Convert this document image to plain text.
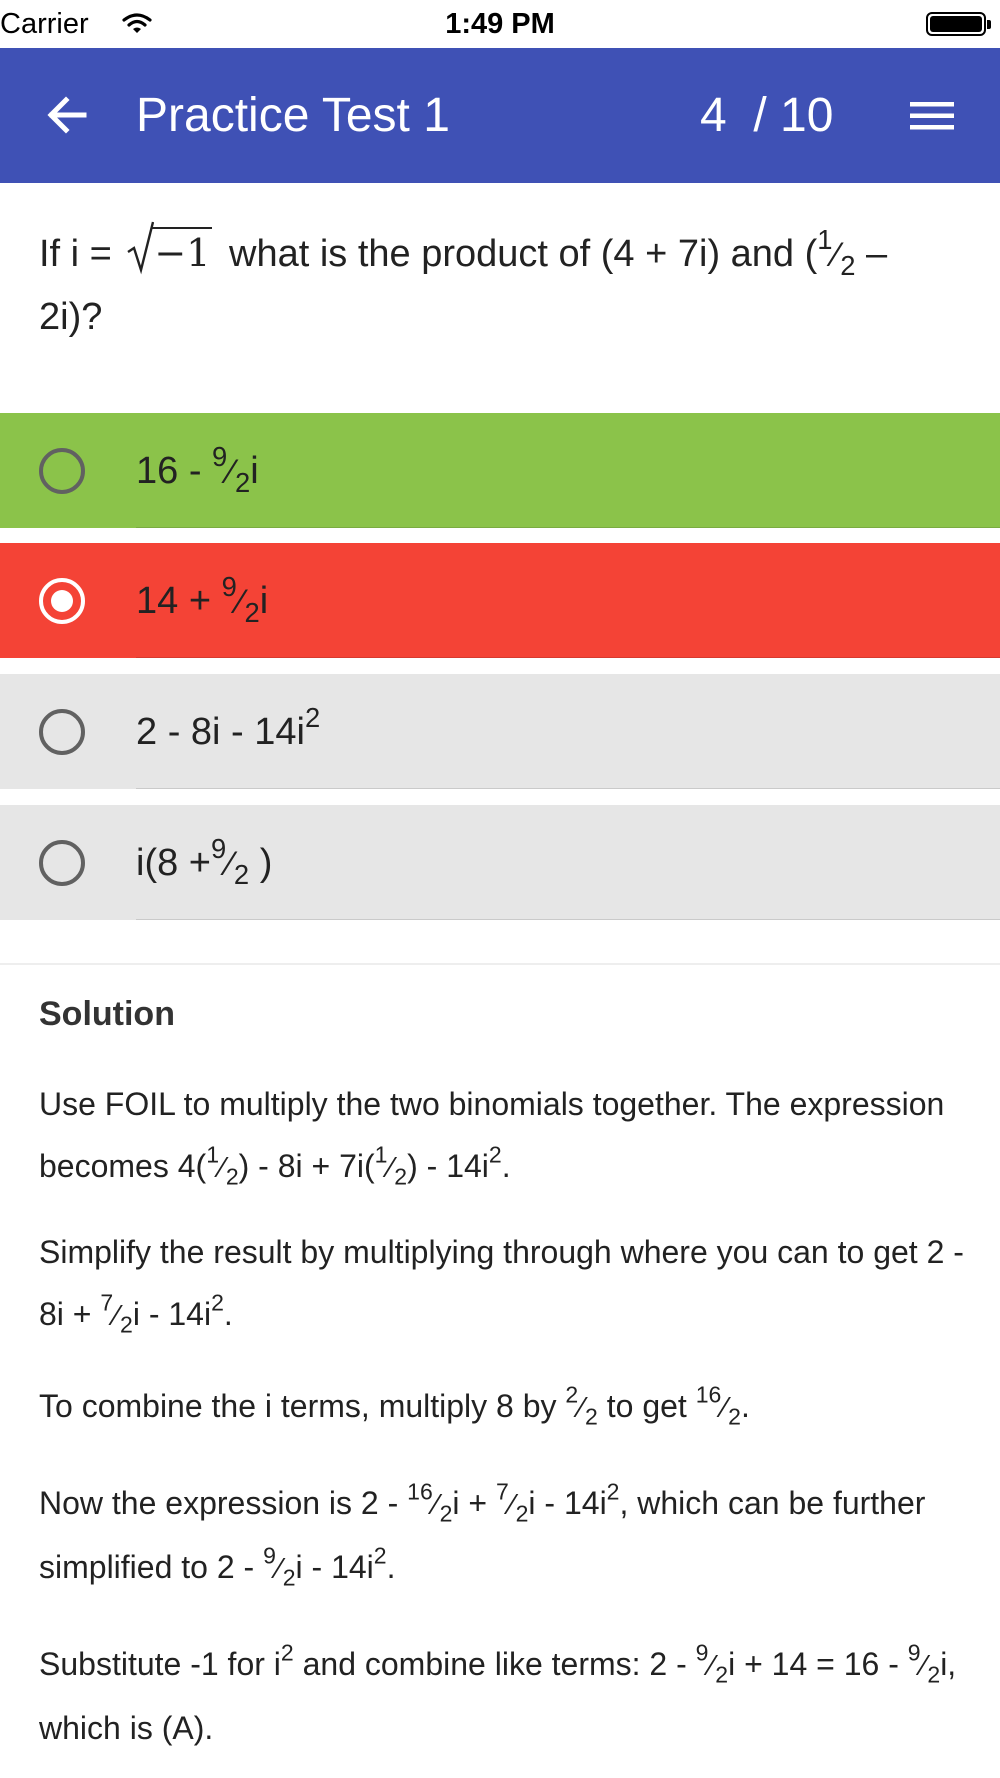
Carrier	1:49 PM
Practice Test 1	4  / 10
If i =
−1 what is the product of (4 + 7i) and ($^1⁄_2$ –
2i)?
$16 - ^9⁄_2i$
$14 + ^9⁄_2i$
$2 - 8i - 14i^2$
$i(8 +^9⁄_2$ )
Solution

Use FOIL to multiply the two binomials together. The expression becomes $4(^1⁄_2) - 8i$ + $7i(^1⁄_2) - 14i^2$.

Simplify the result by multiplying through where you can to get $2 - 8i + ^7⁄_2i - 14i^2$.

To combine the i terms, multiply 8 by $^2⁄_2$ to get $^{16}⁄_2$.

Now the expression is $2 - ^{16}⁄_2i$ + $^7⁄_2i - 14i^2$, which can be further simplified to $2 - ^9⁄_2i - 14i^2$.

Substitute -1 for $i^2$ and combine like terms: $2 - ^9⁄_2i + 14 = 16$ - $^9⁄_2i$, which is (A).
